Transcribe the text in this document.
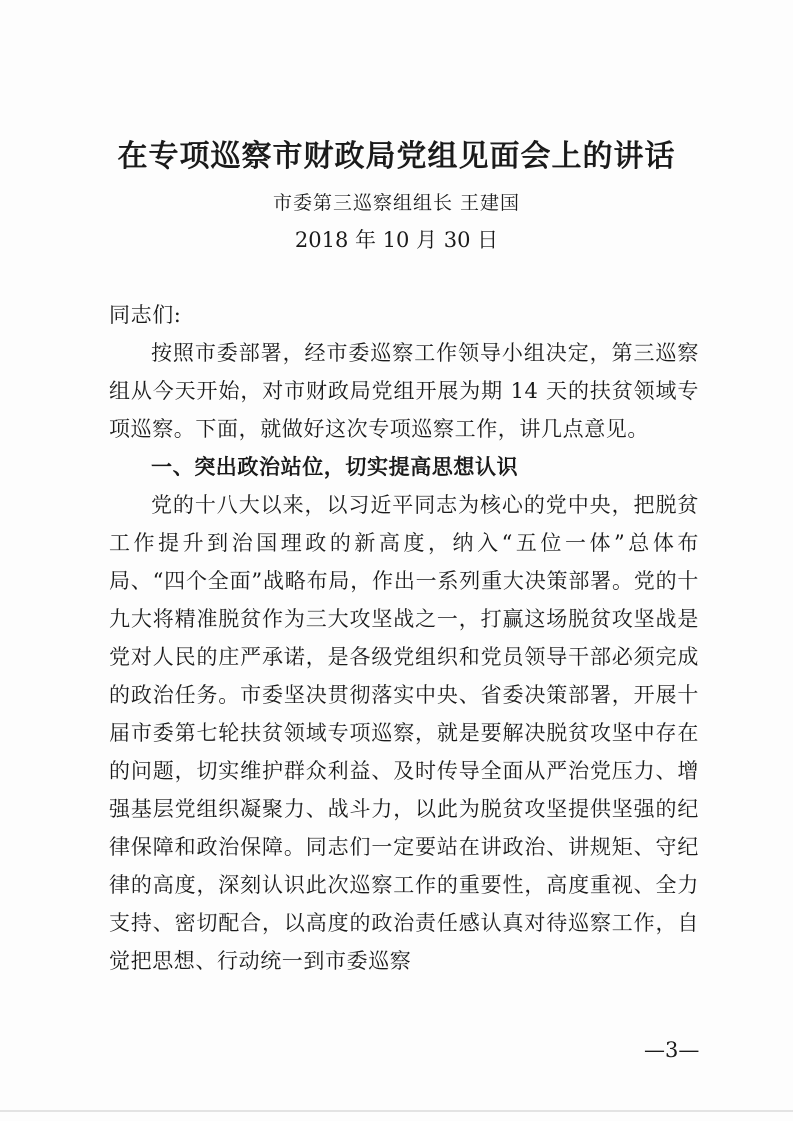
在专项巡察市财政局党组见面会上的讲话
市委第三巡察组组长 王建国
2018 年 10 月 30 日

同志们:

按照市委部署，经市委巡察工作领导小组决定，第三巡察组从今天开始，对市财政局党组开展为期 14 天的扶贫领域专项巡察。下面，就做好这次专项巡察工作，讲几点意见。

一、突出政治站位，切实提高思想认识

党的十八大以来，以习近平同志为核心的党中央，把脱贫工作提升到治国理政的新高度，纳入“五位一体”总体布局、“四个全面”战略布局，作出一系列重大决策部署。党的十九大将精准脱贫作为三大攻坚战之一，打赢这场脱贫攻坚战是党对人民的庄严承诺，是各级党组织和党员领导干部必须完成的政治任务。市委坚决贯彻落实中央、省委决策部署，开展十届市委第七轮扶贫领域专项巡察，就是要解决脱贫攻坚中存在的问题，切实维护群众利益、及时传导全面从严治党压力、增强基层党组织凝聚力、战斗力，以此为脱贫攻坚提供坚强的纪律保障和政治保障。同志们一定要站在讲政治、讲规矩、守纪律的高度，深刻认识此次巡察工作的重要性，高度重视、全力支持、密切配合，以高度的政治责任感认真对待巡察工作，自觉把思想、行动统一到市委巡察

—3—
